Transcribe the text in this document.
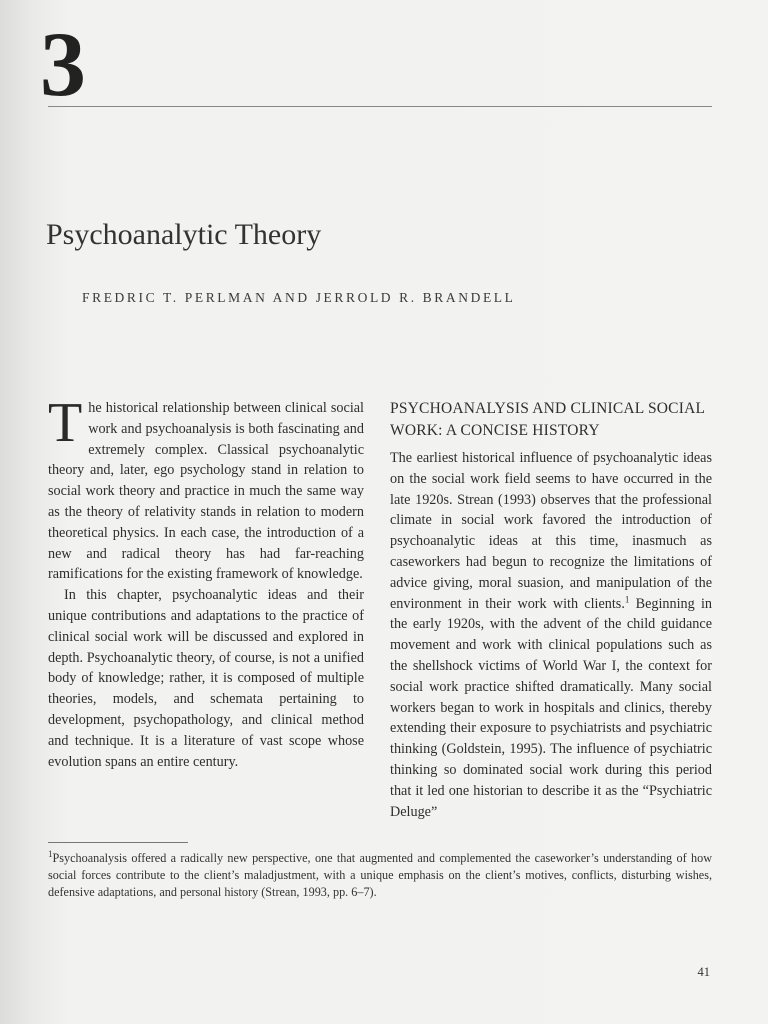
3
Psychoanalytic Theory
FREDRIC T. PERLMAN AND JERROLD R. BRANDELL

The historical relationship between clinical social work and psychoanalysis is both fascinating and extremely complex. Classical psychoanalytic theory and, later, ego psychology stand in relation to social work theory and practice in much the same way as the theory of relativity stands in relation to modern theoretical physics. In each case, the introduction of a new and radical theory has had far-reaching ramifications for the existing framework of knowledge.

In this chapter, psychoanalytic ideas and their unique contributions and adaptations to the practice of clinical social work will be discussed and explored in depth. Psychoanalytic theory, of course, is not a unified body of knowledge; rather, it is composed of multiple theories, models, and schemata pertaining to development, psychopathology, and clinical method and technique. It is a literature of vast scope whose evolution spans an entire century.

PSYCHOANALYSIS AND CLINICAL SOCIAL WORK: A CONCISE HISTORY

The earliest historical influence of psychoanalytic ideas on the social work field seems to have occurred in the late 1920s. Strean (1993) observes that the professional climate in social work favored the introduction of psychoanalytic ideas at this time, inasmuch as caseworkers had begun to recognize the limitations of advice giving, moral suasion, and manipulation of the environment in their work with clients.$^1$ Beginning in the early 1920s, with the advent of the child guidance movement and work with clinical populations such as the shellshock victims of World War I, the context for social work practice shifted dramatically. Many social workers began to work in hospitals and clinics, thereby extending their exposure to psychiatrists and psychiatric thinking (Goldstein, 1995). The influence of psychiatric thinking so dominated social work during this period that it led one historian to describe it as the “Psychiatric Deluge”

$^1$Psychoanalysis offered a radically new perspective, one that augmented and complemented the caseworker’s understanding of how social forces contribute to the client’s maladjustment, with a unique emphasis on the client’s motives, conflicts, disturbing wishes, defensive adaptations, and personal history (Strean, 1993, pp. 6–7).

41
